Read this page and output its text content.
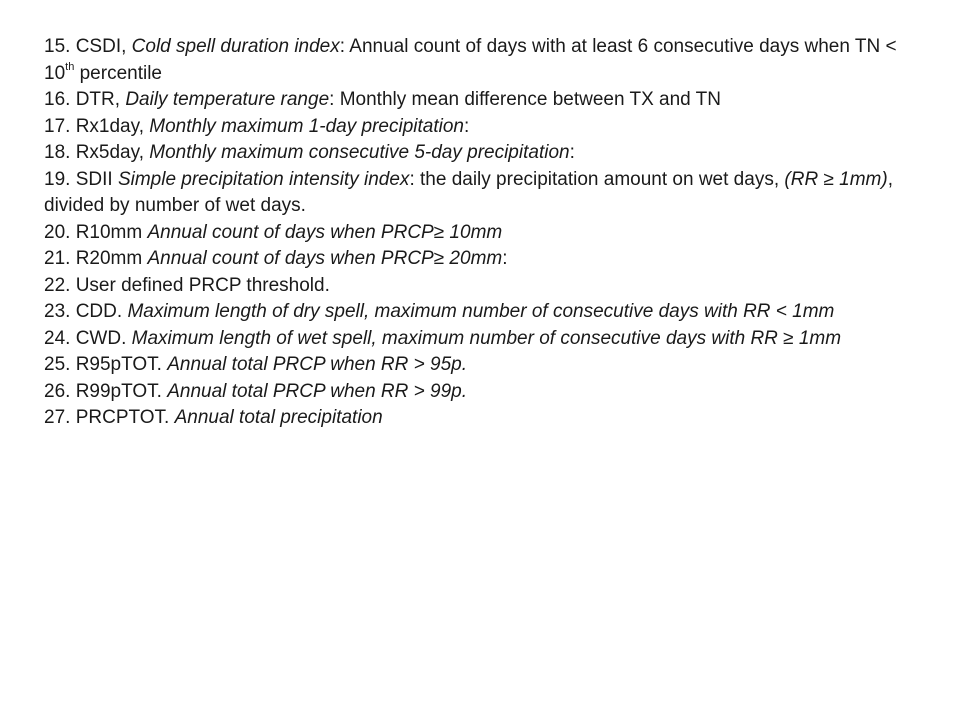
15. CSDI, Cold spell duration index: Annual count of days with at least 6 consecutive days when TN < 10th percentile

16. DTR, Daily temperature range: Monthly mean difference between TX and TN

17. Rx1day, Monthly maximum 1-day precipitation:

18. Rx5day, Monthly maximum consecutive 5-day precipitation:

19. SDII Simple precipitation intensity index: the daily precipitation amount on wet days, (RR ≥ 1mm), divided by number of wet days.

20. R10mm Annual count of days when PRCP≥ 10mm

21. R20mm Annual count of days when PRCP≥ 20mm:

22. User defined PRCP threshold.

23. CDD. Maximum length of dry spell, maximum number of consecutive days with RR < 1mm

24. CWD. Maximum length of wet spell, maximum number of consecutive days with RR ≥ 1mm

25. R95pTOT. Annual total PRCP when RR > 95p.

26. R99pTOT. Annual total PRCP when RR > 99p.

27. PRCPTOT. Annual total precipitation
